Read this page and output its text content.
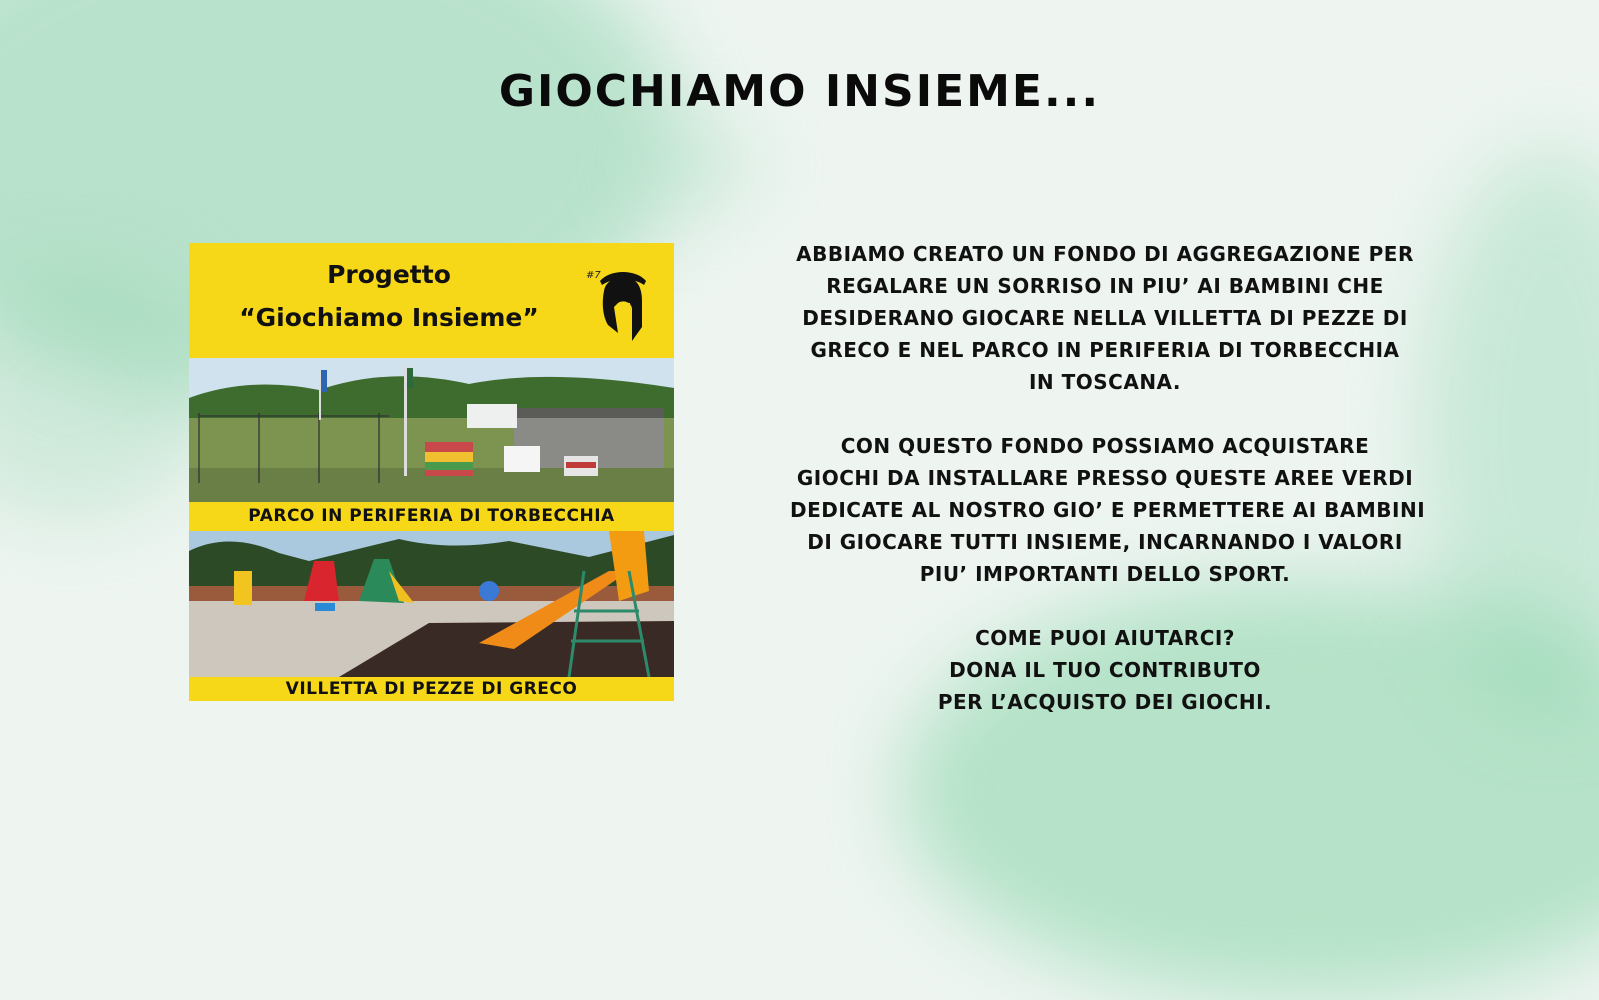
GIOCHIAMO INSIEME...
Progetto
“Giochiamo Insieme”
#7
PARCO IN PERIFERIA DI TORBECCHIA
VILLETTA DI PEZZE DI GRECO

ABBIAMO CREATO UN FONDO DI AGGREGAZIONE PER
REGALARE UN SORRISO IN PIU’ AI BAMBINI CHE
DESIDERANO GIOCARE NELLA VILLETTA DI PEZZE DI
GRECO E NEL PARCO IN PERIFERIA DI TORBECCHIA
IN TOSCANA.

CON QUESTO FONDO POSSIAMO ACQUISTARE
GIOCHI DA INSTALLARE PRESSO QUESTE AREE VERDI
DEDICATE AL NOSTRO GIO’ E PERMETTERE AI BAMBINI
DI GIOCARE TUTTI INSIEME, INCARNANDO I VALORI
PIU’ IMPORTANTI DELLO SPORT.

COME PUOI AIUTARCI?
DONA IL TUO CONTRIBUTO
PER L’ACQUISTO DEI GIOCHI.
